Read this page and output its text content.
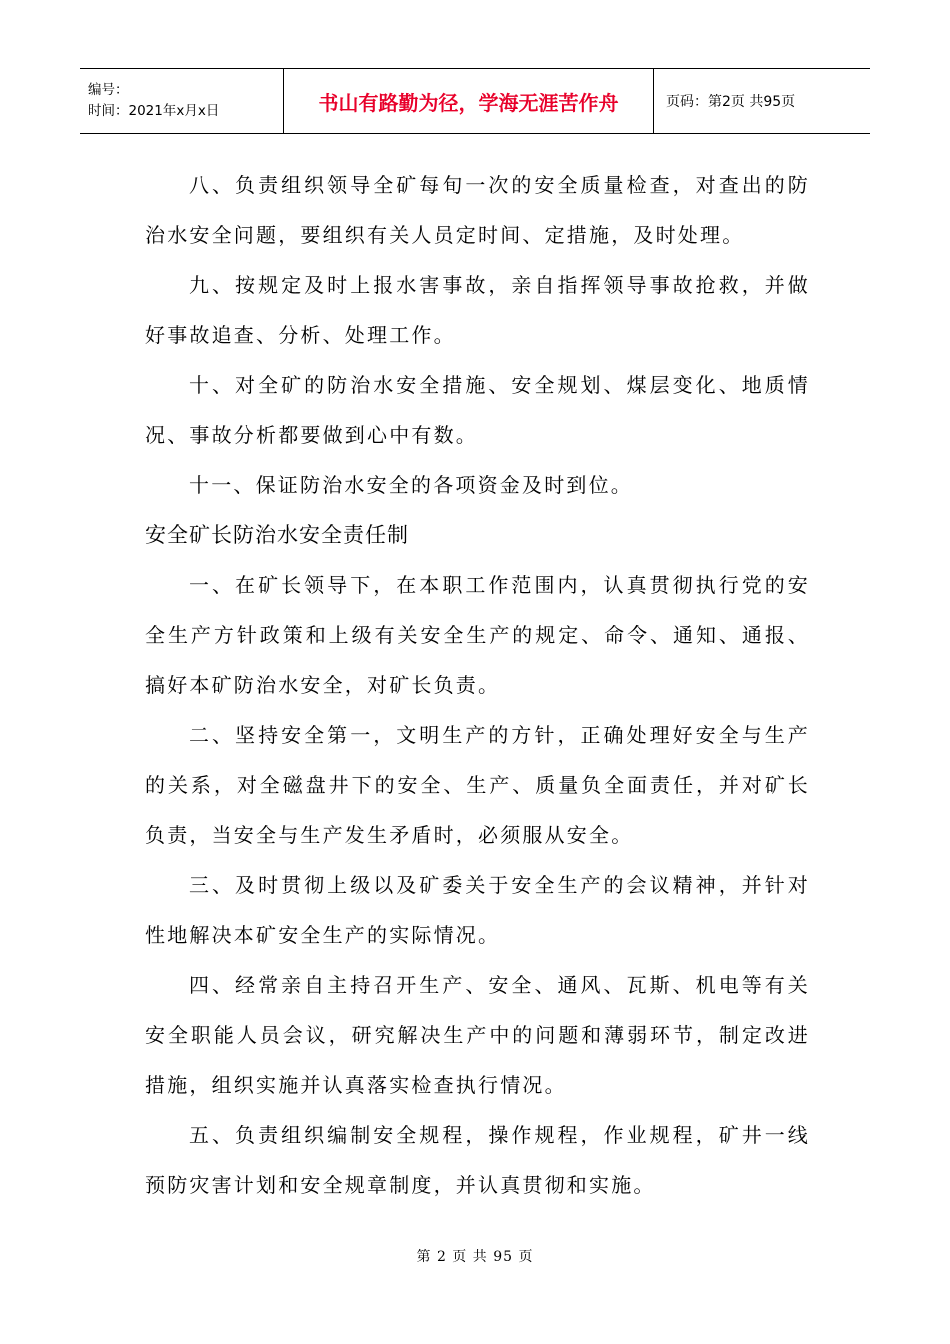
编号：
时间：2021年x月x日	书山有路勤为径，学海无涯苦作舟	页码：第2页 共95页

八、负责组织领导全矿每旬一次的安全质量检查，对查出的防治水安全问题，要组织有关人员定时间、定措施，及时处理。

九、按规定及时上报水害事故，亲自指挥领导事故抢救，并做好事故追查、分析、处理工作。

十、对全矿的防治水安全措施、安全规划、煤层变化、地质情况、事故分析都要做到心中有数。

十一、保证防治水安全的各项资金及时到位。

安全矿长防治水安全责任制

一、在矿长领导下，在本职工作范围内，认真贯彻执行党的安全生产方针政策和上级有关安全生产的规定、命令、通知、通报、搞好本矿防治水安全，对矿长负责。

二、坚持安全第一，文明生产的方针，正确处理好安全与生产的关系，对全磁盘井下的安全、生产、质量负全面责任，并对矿长负责，当安全与生产发生矛盾时，必须服从安全。

三、及时贯彻上级以及矿委关于安全生产的会议精神，并针对性地解决本矿安全生产的实际情况。

四、经常亲自主持召开生产、安全、通风、瓦斯、机电等有关安全职能人员会议，研究解决生产中的问题和薄弱环节，制定改进措施，组织实施并认真落实检查执行情况。

五、负责组织编制安全规程，操作规程，作业规程，矿井一线预防灾害计划和安全规章制度，并认真贯彻和实施。

第 2 页 共 95 页
